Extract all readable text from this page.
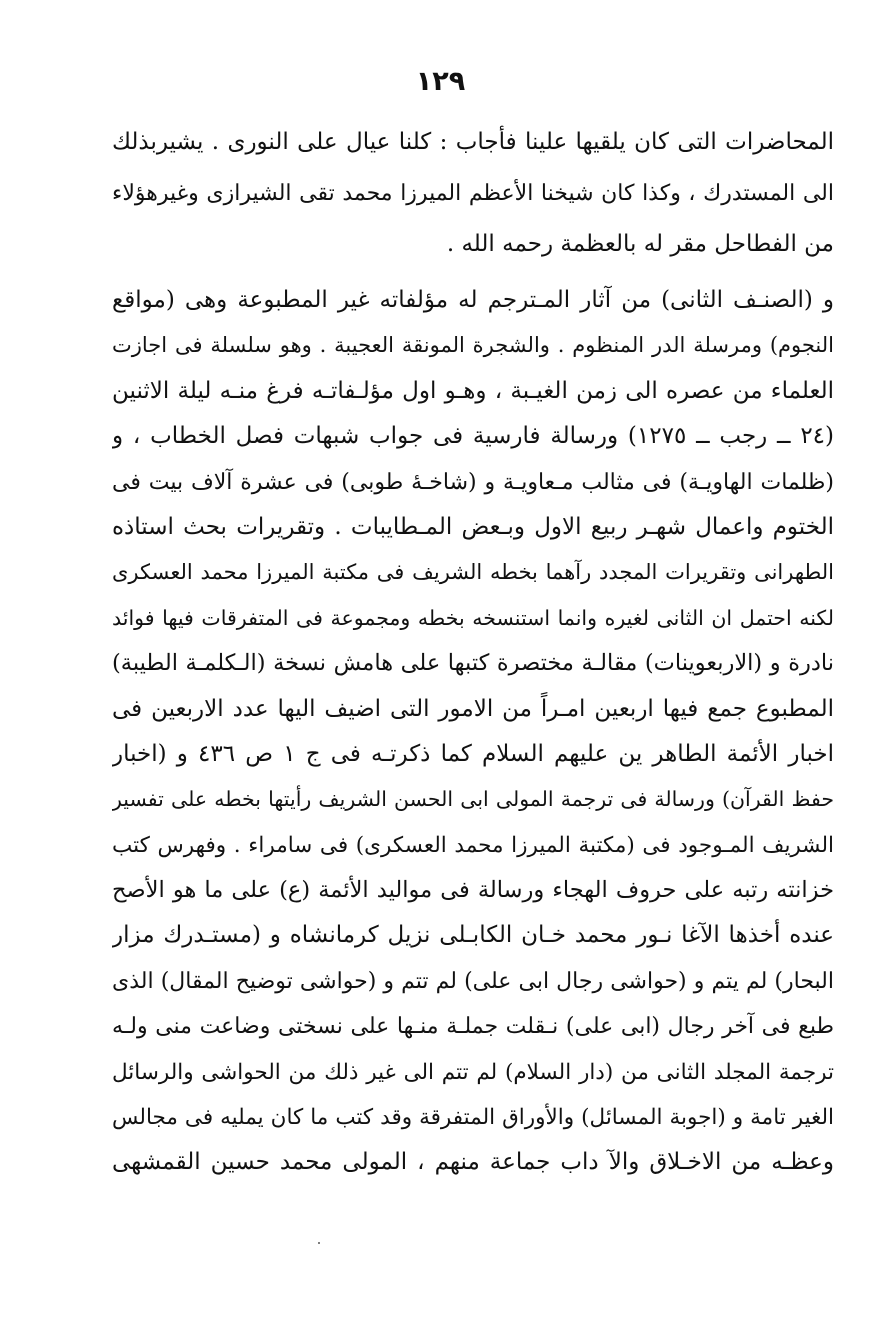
١٢٩
المحاضرات التى كان يلقيها علينا فأجاب : كلنا عيال على النورى . يشيربذلك
الى المستدرك ، وكذا كان شيخنا الأعظم الميرزا محمد تقى الشيرازى وغيرهؤلاء
من الفطاحل مقر له بالعظمة رحمه الله .
و (الصنـف الثانى) من آثار المـترجم له مؤلفاته غير المطبوعة وهى (مواقع
النجوم) ومرسلة الدر المنظوم . والشجرة المونقة العجيبة . وهو سلسلة فى اجازت
العلماء من عصره الى زمن الغيـبة ، وهـو اول مؤلـفاتـه فرغ منـه ليلة الاثنين
(٢٤ ــ رجب ــ ١٢٧٥) ورسالة فارسية فى جواب شبهات فصل الخطاب ، و
(ظلمات الهاويـة) فى مثالب مـعاويـة و (شاخـهٔ طوبى) فى عشرة آلاف بيت فى
الختوم واعمال شهـر ربيع الاول وبـعض المـطايبات . وتقريرات بحث استاذه
الطهرانى وتقريرات المجدد رآهما بخطه الشريف فى مكتبة الميرزا محمد العسكرى
لكنه احتمل ان الثانى لغيره وانما استنسخه بخطه ومجموعة فى المتفرقات فيها فوائد
نادرة و (الاربعوينات) مقالـة مختصرة كتبها على هامش نسخة (الـكلمـة الطيبة)
المطبوع جمع فيها اربعين امـراً من الامور التى اضيف اليها عدد الاربعين فى
اخبار الأئمة الطاهر ين عليهم السلام كما ذكرتـه فى ج ١ ص ٤٣٦ و (اخبار
حفظ القرآن) ورسالة فى ترجمة المولى ابى الحسن الشريف رأيتها بخطه على تفسير
الشريف المـوجود فى (مكتبة الميرزا محمد العسكرى) فى سامراء . وفهرس كتب
خزانته رتبه على حروف الهجاء ورسالة فى مواليد الأئمة (ع) على ما هو الأصح
عنده أخذها الآغا نـور محمد خـان الكابـلى نزيل كرمانشاه و (مستـدرك مزار
البحار) لم يتم و (حواشى رجال ابى على) لم تتم و (حواشى توضيح المقال) الذى
طبع فى آخر رجال (ابى على) نـقلت جملـة منـها على نسختى وضاعت منى ولـه
ترجمة المجلد الثانى من (دار السلام) لم تتم الى غير ذلك من الحواشى والرسائل
الغير تامة و (اجوبة المسائل) والأوراق المتفرقة وقد كتب ما كان يمليه فى مجالس
وعظـه من الاخـلاق والآ داب جماعة منهم ، المولى محمد حسين القمشهى
